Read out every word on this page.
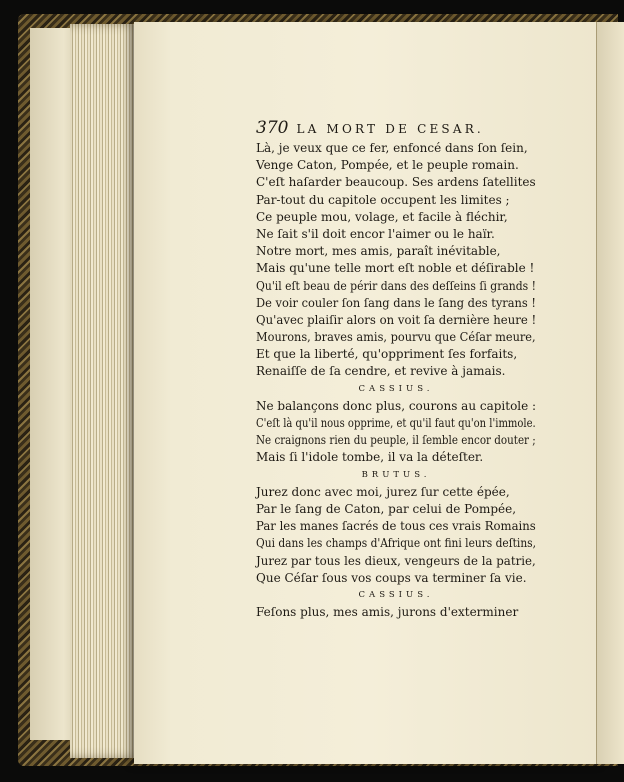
370 LA MORT DE CESAR.
Là, je veux que ce fer, enfoncé dans ſon ſein,
Venge Caton, Pompée, et le peuple romain.
C'eſt haſarder beaucoup. Ses ardens ſatellites
Par-tout du capitole occupent les limites ;
Ce peuple mou, volage, et facile à fléchir,
Ne ſait s'il doit encor l'aimer ou le haïr.
Notre mort, mes amis, paraît inévitable,
Mais qu'une telle mort eſt noble et déſirable !
Qu'il eſt beau de périr dans des deſſeins ſi grands !
De voir couler ſon ſang dans le ſang des tyrans !
Qu'avec plaiſir alors on voit ſa dernière heure !
Mourons, braves amis, pourvu que Céſar meure,
Et que la liberté, qu'oppriment ſes forfaits,
Renaiſſe de ſa cendre, et revive à jamais.
CASSIUS.
Ne balançons donc plus, courons au capitole :
C'eſt là qu'il nous opprime, et qu'il faut qu'on l'immole.
Ne craignons rien du peuple, il ſemble encor douter ;
Mais ſi l'idole tombe, il va la déteſter.
BRUTUS.
Jurez donc avec moi, jurez ſur cette épée,
Par le ſang de Caton, par celui de Pompée,
Par les manes ſacrés de tous ces vrais Romains
Qui dans les champs d'Afrique ont fini leurs deſtins,
Jurez par tous les dieux, vengeurs de la patrie,
Que Céſar ſous vos coups va terminer ſa vie.
CASSIUS.
Feſons plus, mes amis, jurons d'exterminer
